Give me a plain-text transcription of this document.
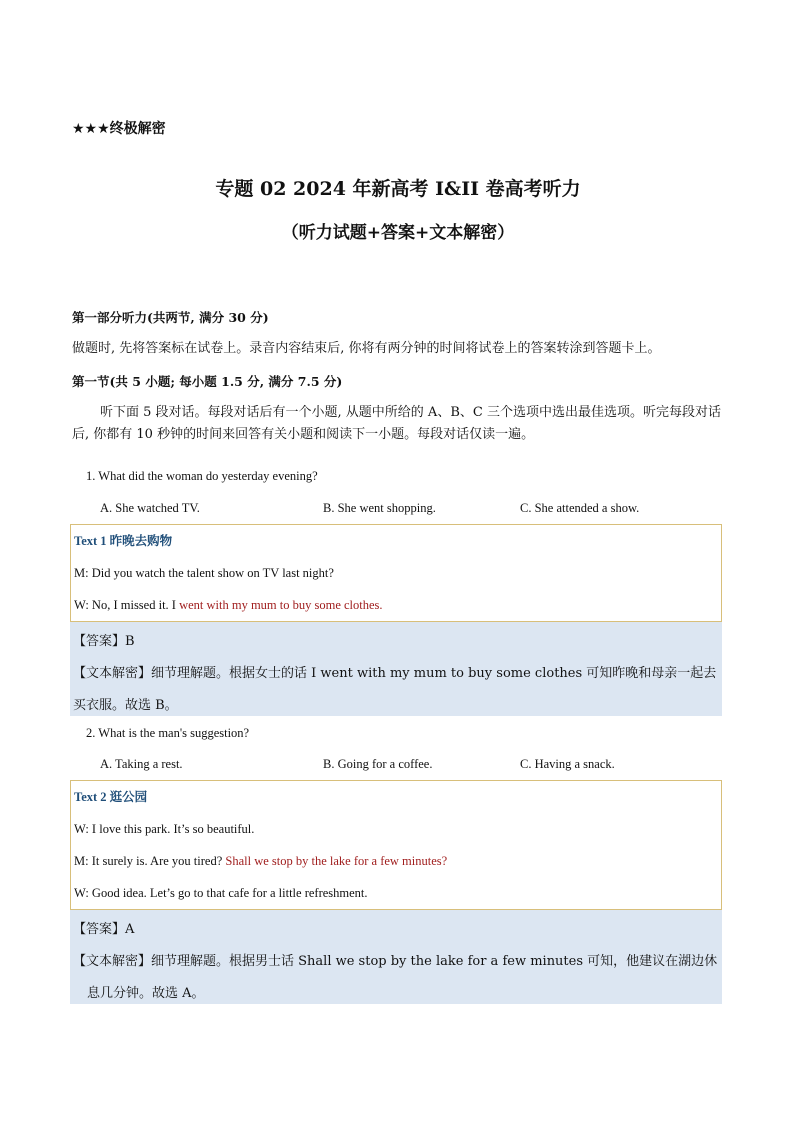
★★★终极解密
专题 02 2024 年新高考 I&II 卷高考听力
（听力试题+答案+文本解密）
第一部分听力(共两节, 满分 30 分)
做题时, 先将答案标在试卷上。录音内容结束后, 你将有两分钟的时间将试卷上的答案转涂到答题卡上。
第一节(共 5 小题; 每小题 1.5 分, 满分 7.5 分)
听下面 5 段对话。每段对话后有一个小题, 从题中所给的 A、B、C 三个选项中选出最佳选项。听完每段对话后, 你都有 10 秒钟的时间来回答有关小题和阅读下一小题。每段对话仅读一遍。
1. What did the woman do yesterday evening?
A. She watched TV.	B. She went shopping.	C. She attended a show.
Text 1 昨晚去购物
M: Did you watch the talent show on TV last night?
W: No, I missed it. I went with my mum to buy some clothes.
【答案】B
【文本解密】细节理解题。根据女士的话 I went with my mum to buy some clothes 可知昨晚和母亲一起去买衣服。故选 B。
2. What is the man's suggestion?
A. Taking a rest.	B. Going for a coffee.	C. Having a snack.
Text 2 逛公园
W: I love this park. It’s so beautiful.
M: It surely is. Are you tired? Shall we stop by the lake for a few minutes?
W: Good idea. Let’s go to that cafe for a little refreshment.
【答案】A
【文本解密】细节理解题。根据男士话 Shall we stop by the lake for a few minutes 可知，他建议在湖边休息几分钟。故选 A。
